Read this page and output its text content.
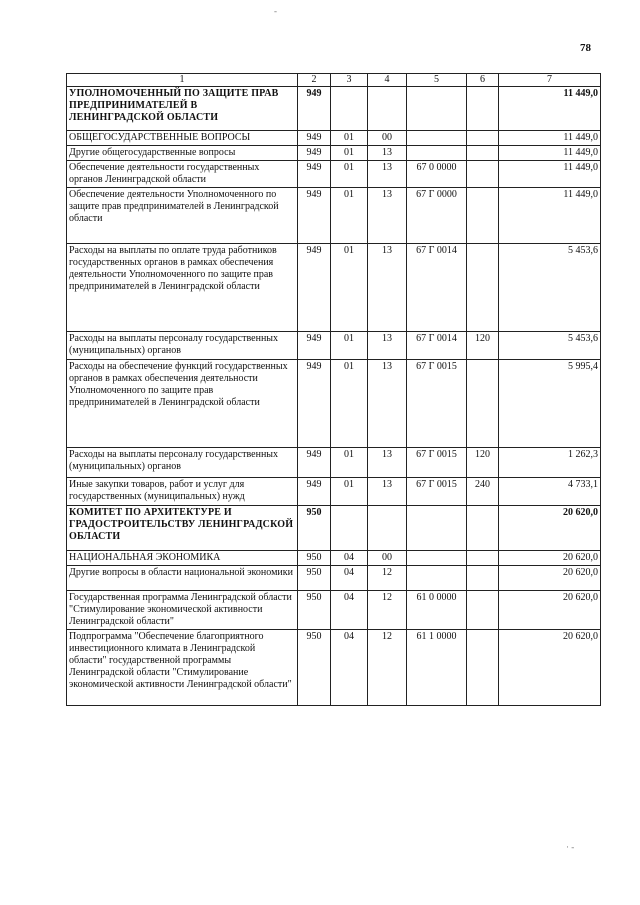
-
78
1	2	3	4	5	6	7
УПОЛНОМОЧЕННЫЙ ПО ЗАЩИТЕ ПРАВ ПРЕДПРИНИМАТЕЛЕЙ В ЛЕНИНГРАДСКОЙ ОБЛАСТИ	949					11 449,0
ОБЩЕГОСУДАРСТВЕННЫЕ ВОПРОСЫ	949	01	00			11 449,0
Другие общегосударственные вопросы	949	01	13			11 449,0
Обеспечение деятельности государственных органов Ленинградской области	949	01	13	67 0 0000		11 449,0
Обеспечение деятельности Уполномоченного по защите прав предпринимателей в Ленинградской области	949	01	13	67 Г 0000		11 449,0
Расходы на выплаты по оплате труда работников государственных органов в рамках обеспечения деятельности Уполномоченного по защите прав предпринимателей в Ленинградской области	949	01	13	67 Г 0014		5 453,6
Расходы на выплаты персоналу государственных (муниципальных) органов	949	01	13	67 Г 0014	120	5 453,6
Расходы на обеспечение функций государственных органов в рамках обеспечения деятельности Уполномоченного по защите прав предпринимателей в Ленинградской области	949	01	13	67 Г 0015		5 995,4
Расходы на выплаты персоналу государственных (муниципальных) органов	949	01	13	67 Г 0015	120	1 262,3
Иные закупки товаров, работ и услуг для государственных (муниципальных) нужд	949	01	13	67 Г 0015	240	4 733,1
КОМИТЕТ ПО АРХИТЕКТУРЕ И ГРАДОСТРОИТЕЛЬСТВУ ЛЕНИНГРАДСКОЙ ОБЛАСТИ	950					20 620,0
НАЦИОНАЛЬНАЯ ЭКОНОМИКА	950	04	00			20 620,0
Другие вопросы в области национальной экономики	950	04	12			20 620,0
Государственная программа Ленинградской области "Стимулирование экономической активности Ленинградской области"	950	04	12	61 0 0000		20 620,0
Подпрограмма "Обеспечение благоприятного инвестиционного климата в Ленинградской области" государственной программы Ленинградской области "Стимулирование экономической активности Ленинградской области"	950	04	12	61 1 0000		20 620,0
· -
